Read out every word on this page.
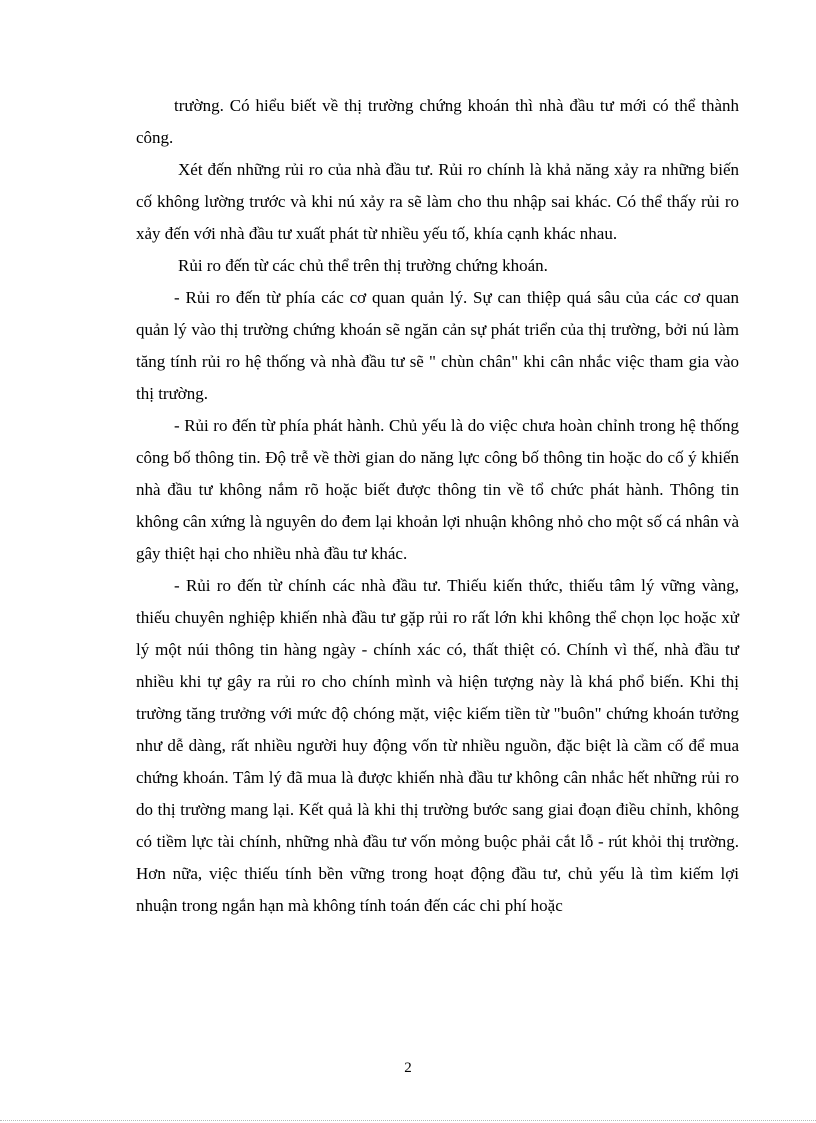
trường. Có hiểu biết về thị trường chứng khoán thì nhà đầu tư mới có thể thành công.

Xét đến những rủi ro của nhà đầu tư. Rủi ro chính là khả năng xảy ra những biến cố không lường trước và khi nú xảy ra sẽ làm cho thu nhập sai khác. Có thể thấy rủi ro xảy đến với nhà đầu tư xuất phát từ nhiều yếu tố, khía cạnh khác nhau.

Rủi ro đến từ các chủ thể trên thị trường chứng khoán.

- Rủi ro đến từ phía các cơ quan quản lý. Sự can thiệp quá sâu của các cơ quan quản lý vào thị trường chứng khoán sẽ ngăn cản sự phát triển của thị trường, bởi nú làm tăng tính rủi ro hệ thống và nhà đầu tư sẽ " chùn chân" khi cân nhắc việc tham gia vào thị trường.

- Rủi ro đến từ phía phát hành. Chủ yếu là do việc chưa hoàn chỉnh trong hệ thống công bố thông tin. Độ trễ về thời gian do năng lực công bố thông tin hoặc do cố ý khiến nhà đầu tư không nắm rõ hoặc biết được thông tin về tổ chức phát hành. Thông tin không cân xứng là nguyên do đem lại khoản lợi nhuận không nhỏ cho một số cá nhân và gây thiệt hại cho nhiều nhà đầu tư khác.

- Rủi ro đến từ chính các nhà đầu tư. Thiếu kiến thức, thiếu tâm lý vững vàng, thiếu chuyên nghiệp khiến nhà đầu tư gặp rủi ro rất lớn khi không thể chọn lọc hoặc xử lý một núi thông tin hàng ngày - chính xác có, thất thiệt có. Chính vì thế, nhà đầu tư nhiều khi tự gây ra rủi ro cho chính mình và hiện tượng này là khá phổ biến. Khi thị trường tăng trưởng với mức độ chóng mặt, việc kiếm tiền từ "buôn" chứng khoán tưởng như dễ dàng, rất nhiều người huy động vốn từ nhiều nguồn, đặc biệt là cầm cố để mua chứng khoán. Tâm lý đã mua là được khiến nhà đầu tư không cân nhắc hết những rủi ro do thị trường mang lại. Kết quả là khi thị trường bước sang giai đoạn điều chỉnh, không có tiềm lực tài chính, những nhà đầu tư vốn mỏng buộc phải cắt lỗ - rút khỏi thị trường. Hơn nữa, việc thiếu tính bền vững trong hoạt động đầu tư, chủ yếu là tìm kiếm lợi nhuận trong ngắn hạn mà không tính toán đến các chi phí hoặc

2
